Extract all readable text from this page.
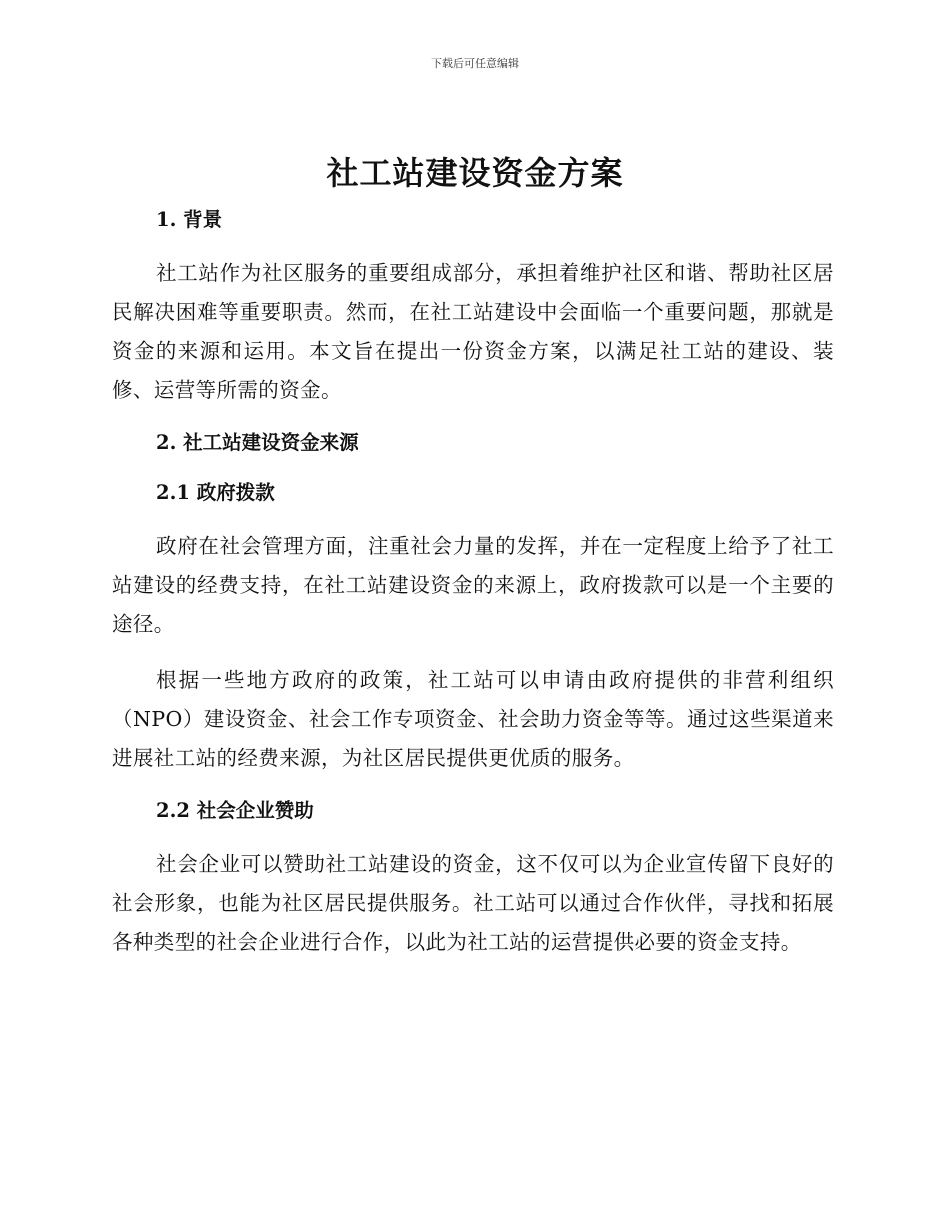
下载后可任意编辑
社工站建设资金方案
1. 背景

社工站作为社区服务的重要组成部分，承担着维护社区和谐、帮助社区居民解决困难等重要职责。然而，在社工站建设中会面临一个重要问题，那就是资金的来源和运用。本文旨在提出一份资金方案，以满足社工站的建设、装修、运营等所需的资金。

2. 社工站建设资金来源
2.1 政府拨款

政府在社会管理方面，注重社会力量的发挥，并在一定程度上给予了社工站建设的经费支持，在社工站建设资金的来源上，政府拨款可以是一个主要的途径。

根据一些地方政府的政策，社工站可以申请由政府提供的非营利组织（NPO）建设资金、社会工作专项资金、社会助力资金等等。通过这些渠道来进展社工站的经费来源，为社区居民提供更优质的服务。

2.2 社会企业赞助

社会企业可以赞助社工站建设的资金，这不仅可以为企业宣传留下良好的社会形象，也能为社区居民提供服务。社工站可以通过合作伙伴，寻找和拓展各种类型的社会企业进行合作，以此为社工站的运营提供必要的资金支持。
